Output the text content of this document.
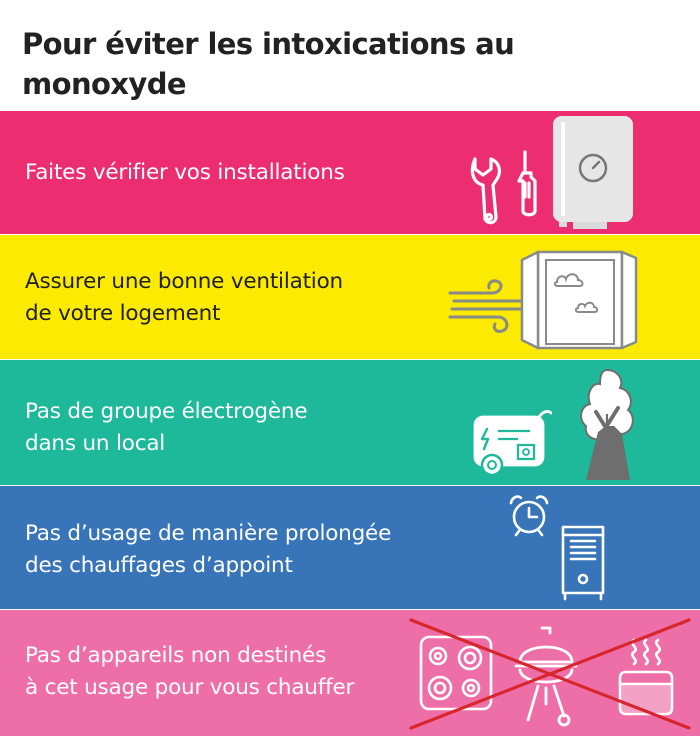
Pour éviter les intoxications au monoxyde

Faites vérifier vos installations
Assurer une bonne ventilation
de votre logement
Pas de groupe électrogène
dans un local
Pas d’usage de manière prolongée
des chauffages d’appoint
Pas d’appareils non destinés
à cet usage pour vous chauffer
